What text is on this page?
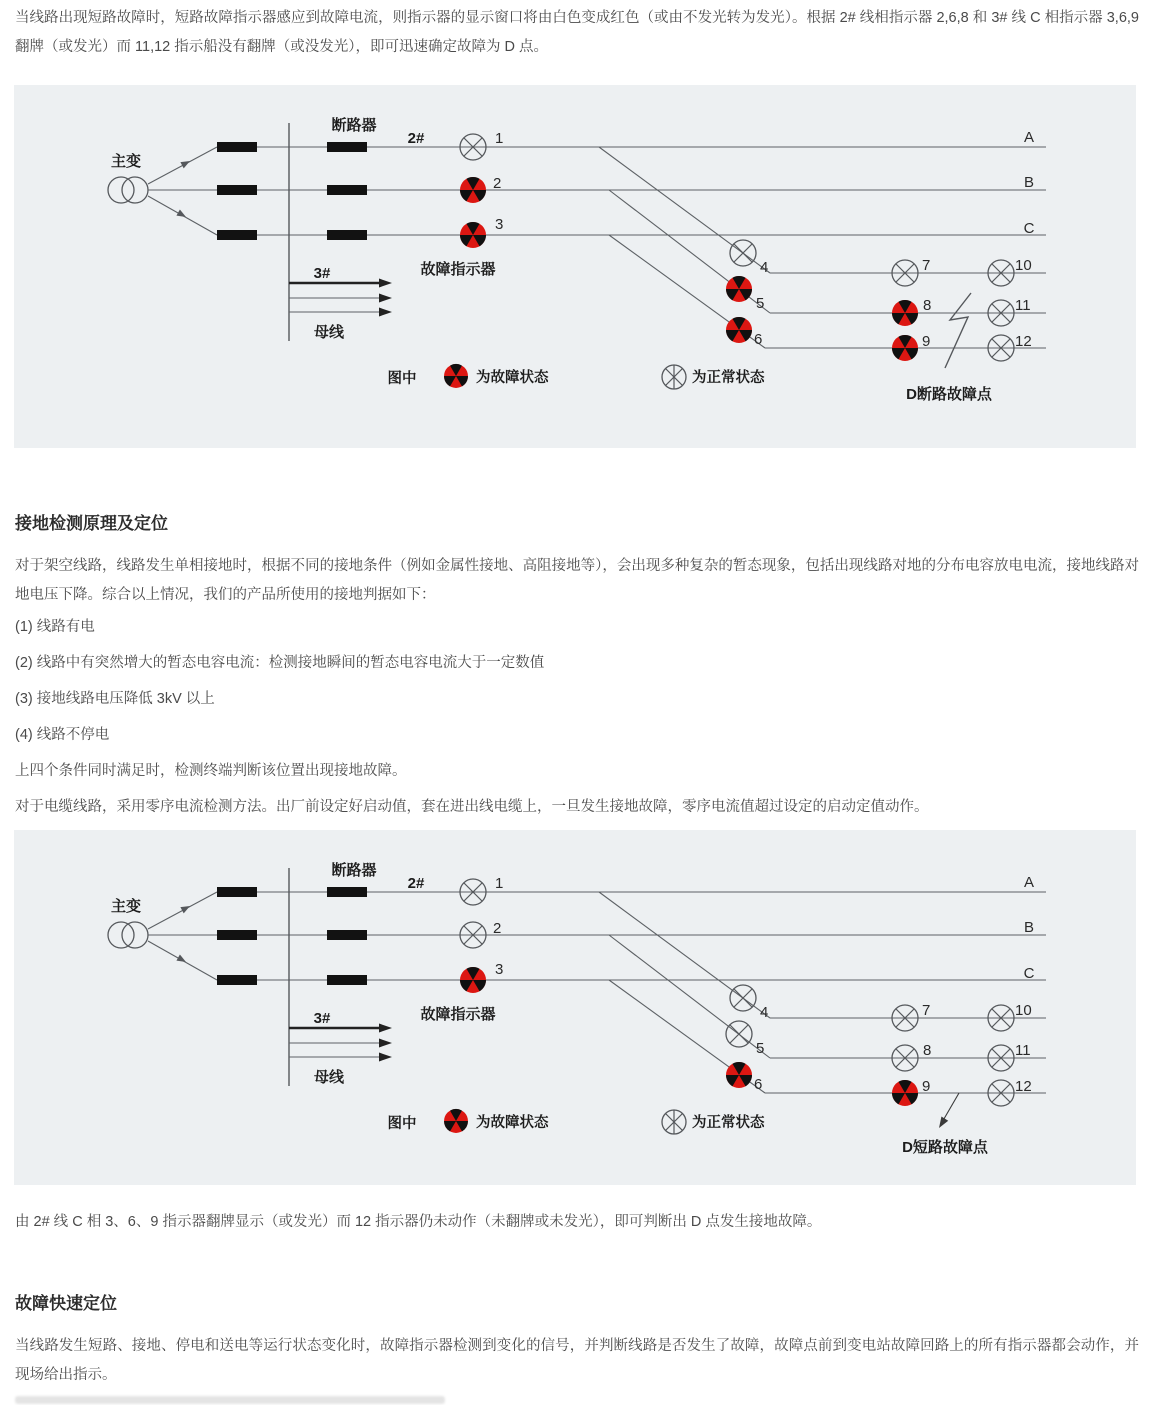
当线路出现短路故障时，短路故障指示器感应到故障电流，则指示器的显示窗口将由白色变成红色（或由不发光转为发光）。根据 2# 线相指示器 2,6,8 和 3# 线 C 相指示器 3,6,9 翻牌（或发光）而 11,12 指示船没有翻牌（或没发光），即可迅速确定故障为 D 点。

主变
断路器
2#
3#
母线
故障指示器
A
B
C
1
2
3
4
5
6
7
8
9
10
11
12
D断路故障点
图中	为故障状态	为正常状态
接地检测原理及定位

对于架空线路，线路发生单相接地时，根据不同的接地条件（例如金属性接地、高阻接地等），会出现多种复杂的暂态现象，包括出现线路对地的分布电容放电电流，接地线路对地电压下降。综合以上情况，我们的产品所使用的接地判据如下：

(1) 线路有电
(2) 线路中有突然增大的暂态电容电流：检测接地瞬间的暂态电容电流大于一定数值
(3) 接地线路电压降低 3kV 以上
(4) 线路不停电

上四个条件同时满足时，检测终端判断该位置出现接地故障。

对于电缆线路，采用零序电流检测方法。出厂前设定好启动值，套在进出线电缆上，一旦发生接地故障，零序电流值超过设定的启动定值动作。

主变
断路器
2#
3#
母线
故障指示器
A
B
C
1
2
3
4
5
6
7
8
9
10
11
12
D短路故障点
图中	为故障状态	为正常状态

由 2# 线 C 相 3、6、9 指示器翻牌显示（或发光）而 12 指示器仍未动作（未翻牌或未发光），即可判断出 D 点发生接地故障。

故障快速定位

当线路发生短路、接地、停电和送电等运行状态变化时，故障指示器检测到变化的信号，并判断线路是否发生了故障，故障点前到变电站故障回路上的所有指示器都会动作，并现场给出指示。
